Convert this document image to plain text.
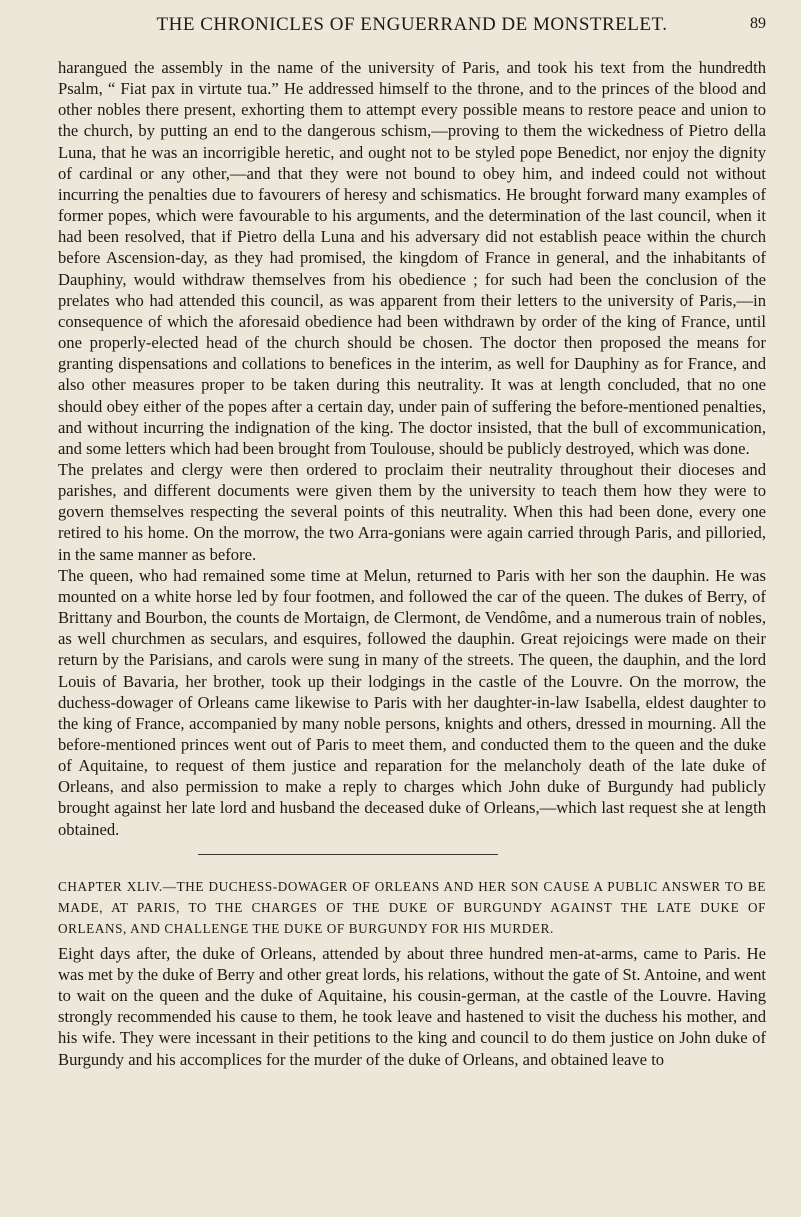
THE CHRONICLES OF ENGUERRAND DE MONSTRELET.	89

harangued the assembly in the name of the university of Paris, and took his text from the hundredth Psalm, “ Fiat pax in virtute tua.” He addressed himself to the throne, and to the princes of the blood and other nobles there present, exhorting them to attempt every possible means to restore peace and union to the church, by putting an end to the dangerous schism,—proving to them the wickedness of Pietro della Luna, that he was an incorrigible heretic, and ought not to be styled pope Benedict, nor enjoy the dignity of cardinal or any other,—and that they were not bound to obey him, and indeed could not without incurring the penalties due to favourers of heresy and schismatics. He brought forward many examples of former popes, which were favourable to his arguments, and the determination of the last council, when it had been resolved, that if Pietro della Luna and his adversary did not establish peace within the church before Ascension-day, as they had promised, the kingdom of France in general, and the inhabitants of Dauphiny, would withdraw themselves from his obedience ; for such had been the conclusion of the prelates who had attended this council, as was apparent from their letters to the university of Paris,—in consequence of which the aforesaid obedience had been withdrawn by order of the king of France, until one properly-elected head of the church should be chosen. The doctor then proposed the means for granting dispensations and collations to benefices in the interim, as well for Dauphiny as for France, and also other measures proper to be taken during this neutrality. It was at length concluded, that no one should obey either of the popes after a certain day, under pain of suffering the before-mentioned penalties, and without incurring the indignation of the king. The doctor insisted, that the bull of excommunication, and some letters which had been brought from Toulouse, should be publicly destroyed, which was done.

The prelates and clergy were then ordered to proclaim their neutrality throughout their dioceses and parishes, and different documents were given them by the university to teach them how they were to govern themselves respecting the several points of this neutrality. When this had been done, every one retired to his home. On the morrow, the two Arra-gonians were again carried through Paris, and pilloried, in the same manner as before.

The queen, who had remained some time at Melun, returned to Paris with her son the dauphin. He was mounted on a white horse led by four footmen, and followed the car of the queen. The dukes of Berry, of Brittany and Bourbon, the counts de Mortaign, de Clermont, de Vendôme, and a numerous train of nobles, as well churchmen as seculars, and esquires, followed the dauphin. Great rejoicings were made on their return by the Parisians, and carols were sung in many of the streets. The queen, the dauphin, and the lord Louis of Bavaria, her brother, took up their lodgings in the castle of the Louvre. On the morrow, the duchess-dowager of Orleans came likewise to Paris with her daughter-in-law Isabella, eldest daughter to the king of France, accompanied by many noble persons, knights and others, dressed in mourning. All the before-mentioned princes went out of Paris to meet them, and conducted them to the queen and the duke of Aquitaine, to request of them justice and reparation for the melancholy death of the late duke of Orleans, and also permission to make a reply to charges which John duke of Burgundy had publicly brought against her late lord and husband the deceased duke of Orleans,—which last request she at length obtained.

CHAPTER XLIV.—THE DUCHESS-DOWAGER OF ORLEANS AND HER SON CAUSE A PUBLIC ANSWER TO BE MADE, AT PARIS, TO THE CHARGES OF THE DUKE OF BURGUNDY AGAINST THE LATE DUKE OF ORLEANS, AND CHALLENGE THE DUKE OF BURGUNDY FOR HIS MURDER.

Eight days after, the duke of Orleans, attended by about three hundred men-at-arms, came to Paris. He was met by the duke of Berry and other great lords, his relations, without the gate of St. Antoine, and went to wait on the queen and the duke of Aquitaine, his cousin-german, at the castle of the Louvre. Having strongly recommended his cause to them, he took leave and hastened to visit the duchess his mother, and his wife. They were incessant in their petitions to the king and council to do them justice on John duke of Burgundy and his accomplices for the murder of the duke of Orleans, and obtained leave to
